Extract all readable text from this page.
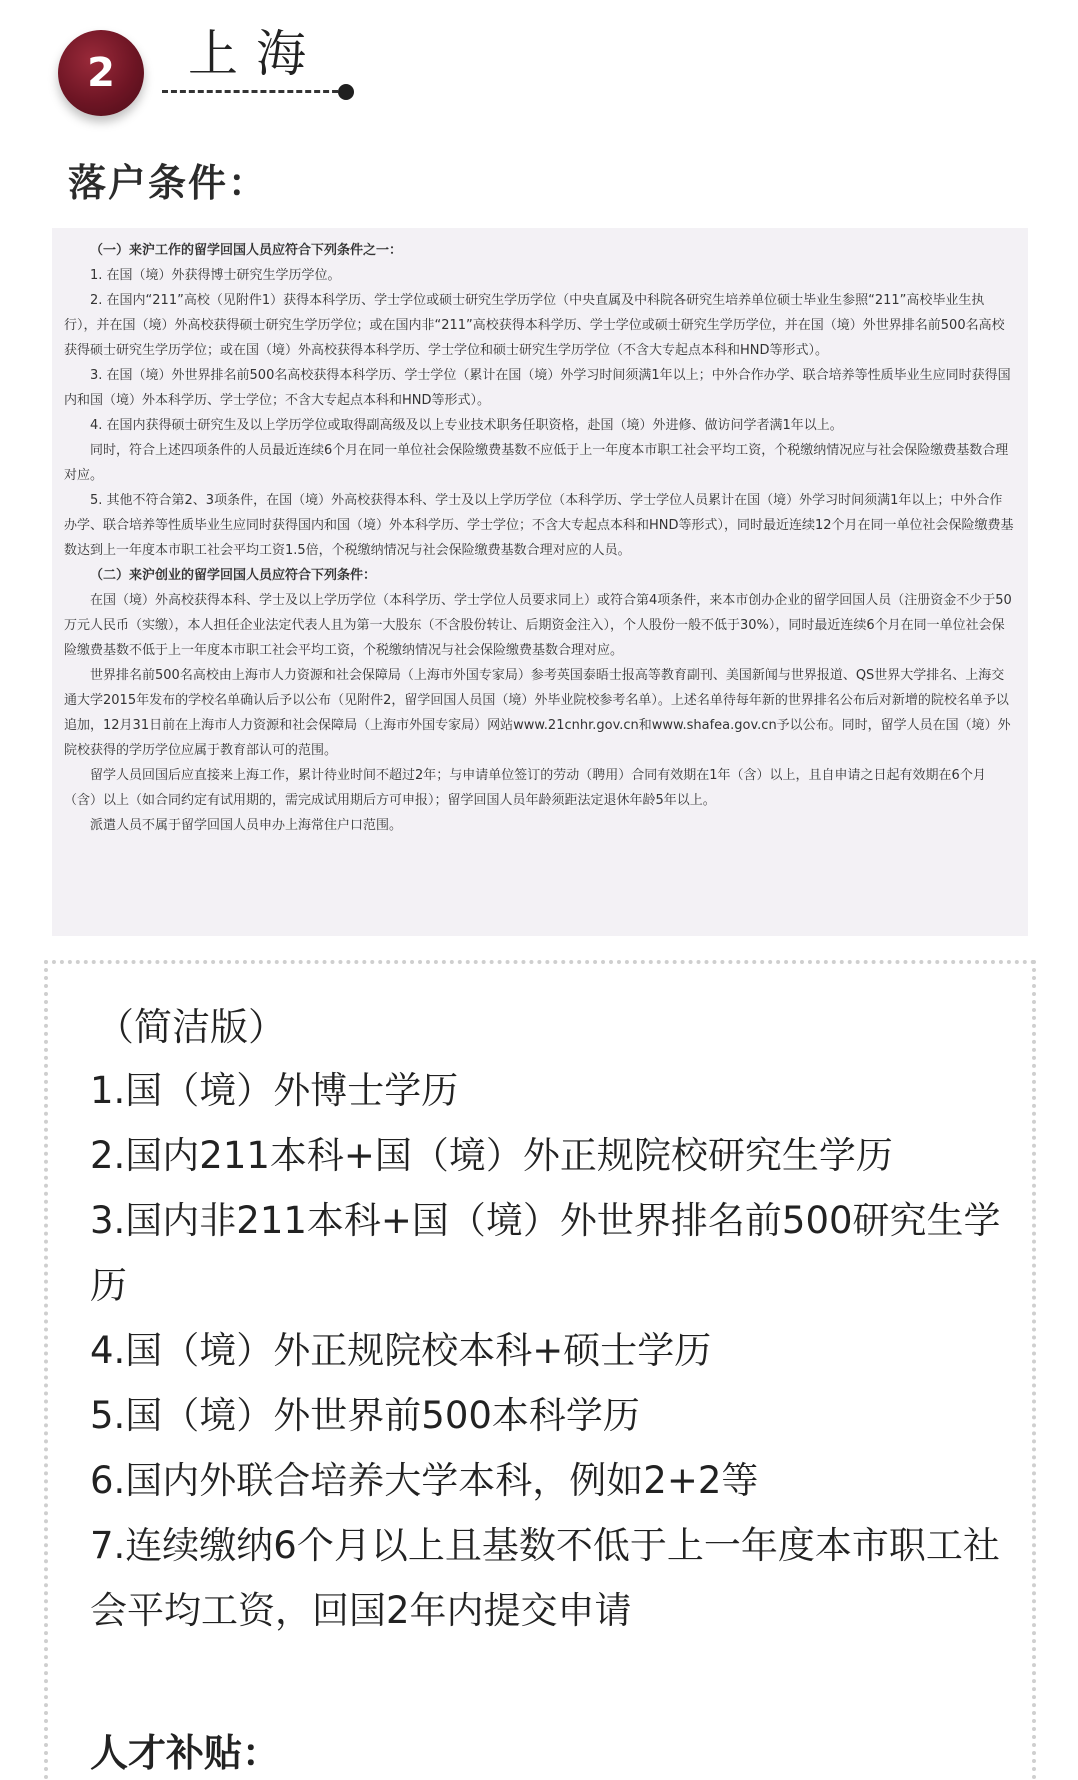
2	上海
落户条件：

（一）来沪工作的留学回国人员应符合下列条件之一：

1. 在国（境）外获得博士研究生学历学位。

2. 在国内“211”高校（见附件1）获得本科学历、学士学位或硕士研究生学历学位（中央直属及中科院各研究生培养单位硕士毕业生参照“211”高校毕业生执行），并在国（境）外高校获得硕士研究生学历学位；或在国内非“211”高校获得本科学历、学士学位或硕士研究生学历学位，并在国（境）外世界排名前500名高校获得硕士研究生学历学位；或在国（境）外高校获得本科学历、学士学位和硕士研究生学历学位（不含大专起点本科和HND等形式）。

3. 在国（境）外世界排名前500名高校获得本科学历、学士学位（累计在国（境）外学习时间须满1年以上；中外合作办学、联合培养等性质毕业生应同时获得国内和国（境）外本科学历、学士学位；不含大专起点本科和HND等形式）。

4. 在国内获得硕士研究生及以上学历学位或取得副高级及以上专业技术职务任职资格，赴国（境）外进修、做访问学者满1年以上。

同时，符合上述四项条件的人员最近连续6个月在同一单位社会保险缴费基数不应低于上一年度本市职工社会平均工资，个税缴纳情况应与社会保险缴费基数合理对应。

5. 其他不符合第2、3项条件，在国（境）外高校获得本科、学士及以上学历学位（本科学历、学士学位人员累计在国（境）外学习时间须满1年以上；中外合作办学、联合培养等性质毕业生应同时获得国内和国（境）外本科学历、学士学位；不含大专起点本科和HND等形式），同时最近连续12个月在同一单位社会保险缴费基数达到上一年度本市职工社会平均工资1.5倍，个税缴纳情况与社会保险缴费基数合理对应的人员。

（二）来沪创业的留学回国人员应符合下列条件：

在国（境）外高校获得本科、学士及以上学历学位（本科学历、学士学位人员要求同上）或符合第4项条件，来本市创办企业的留学回国人员（注册资金不少于50万元人民币（实缴），本人担任企业法定代表人且为第一大股东（不含股份转让、后期资金注入），个人股份一般不低于30%），同时最近连续6个月在同一单位社会保险缴费基数不低于上一年度本市职工社会平均工资，个税缴纳情况与社会保险缴费基数合理对应。

世界排名前500名高校由上海市人力资源和社会保障局（上海市外国专家局）参考英国泰晤士报高等教育副刊、美国新闻与世界报道、QS世界大学排名、上海交通大学2015年发布的学校名单确认后予以公布（见附件2，留学回国人员国（境）外毕业院校参考名单）。上述名单待每年新的世界排名公布后对新增的院校名单予以追加，12月31日前在上海市人力资源和社会保障局（上海市外国专家局）网站www.21cnhr.gov.cn和www.shafea.gov.cn予以公布。同时，留学人员在国（境）外院校获得的学历学位应属于教育部认可的范围。

留学人员回国后应直接来上海工作，累计待业时间不超过2年；与申请单位签订的劳动（聘用）合同有效期在1年（含）以上，且自申请之日起有效期在6个月（含）以上（如合同约定有试用期的，需完成试用期后方可申报）；留学回国人员年龄须距法定退休年龄5年以上。

派遣人员不属于留学回国人员申办上海常住户口范围。

（简洁版）
1.国（境）外博士学历
2.国内211本科+国（境）外正规院校研究生学历
3.国内非211本科+国（境）外世界排名前500研究生学历
4.国（境）外正规院校本科+硕士学历
5.国（境）外世界前500本科学历
6.国内外联合培养大学本科，例如2+2等
7.连续缴纳6个月以上且基数不低于上一年度本市职工社会平均工资，回国2年内提交申请
人才补贴：
